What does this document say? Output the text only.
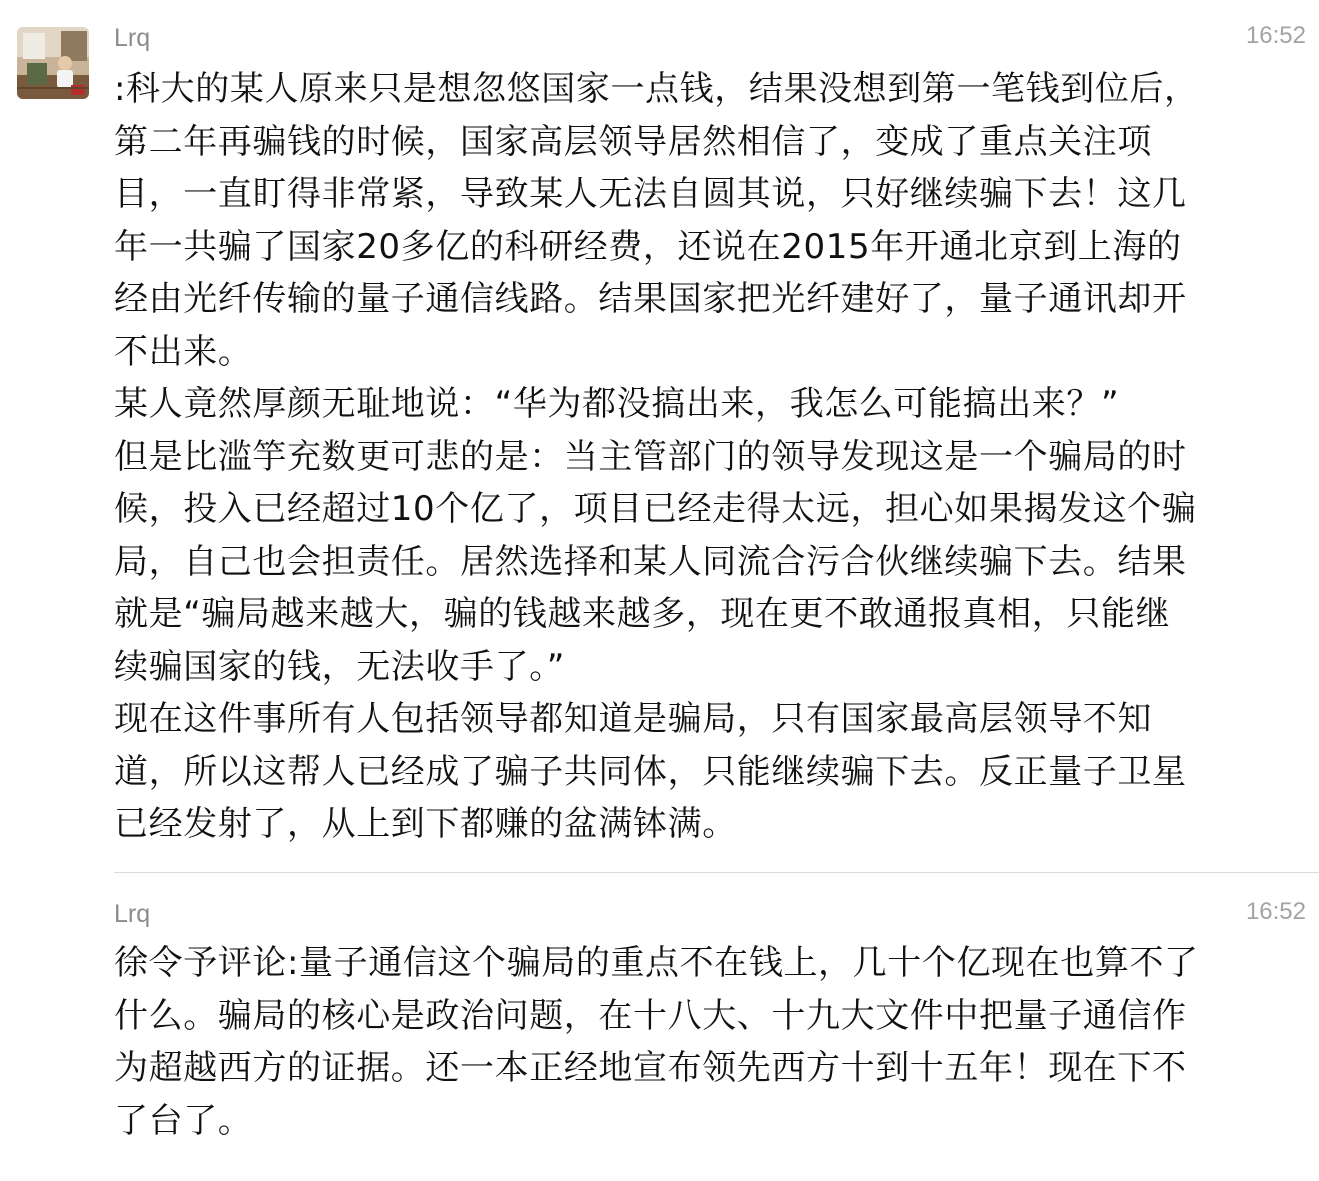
Lrq	16:52
:科大的某人原来只是想忽悠国家一点钱，结果没想到第一笔钱到位后，
第二年再骗钱的时候，国家高层领导居然相信了，变成了重点关注项
目，一直盯得非常紧，导致某人无法自圆其说，只好继续骗下去！这几
年一共骗了国家20多亿的科研经费，还说在2015年开通北京到上海的
经由光纤传输的量子通信线路。结果国家把光纤建好了，量子通讯却开
不出来。
某人竟然厚颜无耻地说：“华为都没搞出来，我怎么可能搞出来？”
但是比滥竽充数更可悲的是：当主管部门的领导发现这是一个骗局的时
候，投入已经超过10个亿了，项目已经走得太远，担心如果揭发这个骗
局，自己也会担责任。居然选择和某人同流合污合伙继续骗下去。结果
就是“骗局越来越大，骗的钱越来越多，现在更不敢通报真相，只能继
续骗国家的钱，无法收手了。”
现在这件事所有人包括领导都知道是骗局，只有国家最高层领导不知
道，所以这帮人已经成了骗子共同体，只能继续骗下去。反正量子卫星
已经发射了，从上到下都赚的盆满钵满。
Lrq	16:52
徐令予评论:量子通信这个骗局的重点不在钱上，几十个亿现在也算不了
什么。骗局的核心是政治问题，在十八大、十九大文件中把量子通信作
为超越西方的证据。还一本正经地宣布领先西方十到十五年！现在下不
了台了。
